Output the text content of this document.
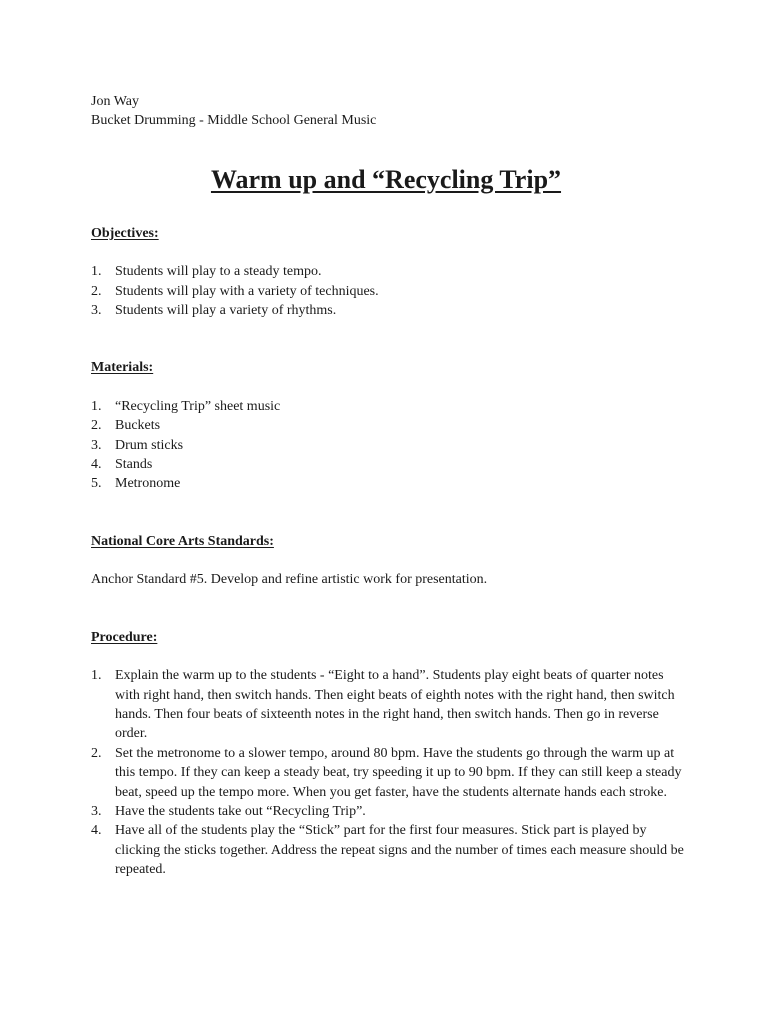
Jon Way

Bucket Drumming - Middle School General Music

Warm up and “Recycling Trip”

Objectives:

1. Students will play to a steady tempo.
2. Students will play with a variety of techniques.
3. Students will play a variety of rhythms.

Materials:

1. “Recycling Trip” sheet music
2. Buckets
3. Drum sticks
4. Stands
5. Metronome

National Core Arts Standards:

Anchor Standard #5. Develop and refine artistic work for presentation.

Procedure:

1. Explain the warm up to the students - “Eight to a hand”. Students play eight beats of quarter notes with right hand, then switch hands. Then eight beats of eighth notes with the right hand, then switch hands. Then four beats of sixteenth notes in the right hand, then switch hands. Then go in reverse order.
2. Set the metronome to a slower tempo, around 80 bpm. Have the students go through the warm up at this tempo. If they can keep a steady beat, try speeding it up to 90 bpm. If they can still keep a steady beat, speed up the tempo more. When you get faster, have the students alternate hands each stroke.
3. Have the students take out “Recycling Trip”.
4. Have all of the students play the “Stick” part for the first four measures. Stick part is played by clicking the sticks together. Address the repeat signs and the number of times each measure should be repeated.
